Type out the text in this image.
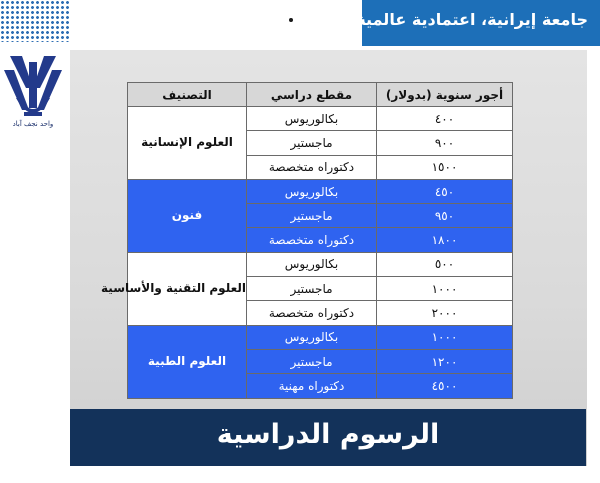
جامعة إيرانية، اعتمادية عالمية
واحد نجف آباد
أجور سنوية (بدولار)	مقطع دراسي	التصنيف
٤٠٠	بكالوريوس	العلوم الإنسانية
٩٠٠	ماجستير	
١٥٠٠	دكتوراه متخصصة	
٤٥٠	بكالوريوس	فنون
٩٥٠	ماجستير	
١٨٠٠	دكتوراه متخصصة	
٥٠٠	بكالوريوس	العلوم التقنية والأساسية
١٠٠٠	ماجستير	
٢٠٠٠	دكتوراه متخصصة	
١٠٠٠	بكالوريوس	العلوم الطبية
١٢٠٠	ماجستير	
٤٥٠٠	دكتوراه مهنية	
الرسوم الدراسية
